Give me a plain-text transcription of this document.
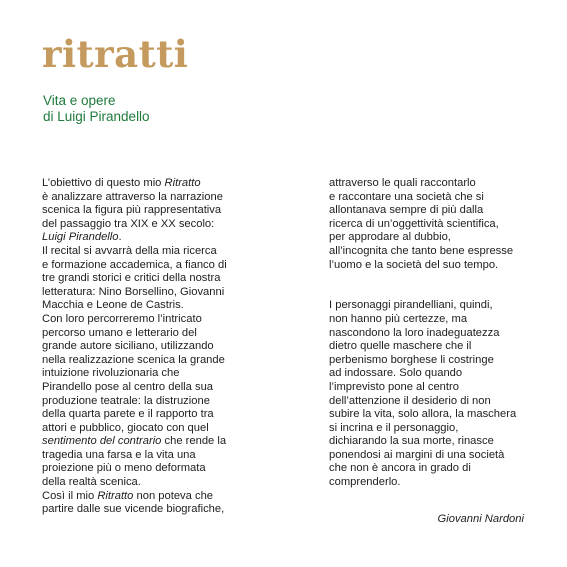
ritratti
Vita e opere
di Luigi Pirandello
L’obiettivo di questo mio Ritratto
è analizzare attraverso la narrazione
scenica la figura più rappresentativa
del passaggio tra XIX e XX secolo:
Luigi Pirandello.
Il recital si avvarrà della mia ricerca
e formazione accademica, a fianco di
tre grandi storici e critici della nostra
letteratura: Nino Borsellino, Giovanni
Macchia e Leone de Castris.
Con loro percorreremo l’intricato
percorso umano e letterario del
grande autore siciliano, utilizzando
nella realizzazione scenica la grande
intuizione rivoluzionaria che
Pirandello pose al centro della sua
produzione teatrale: la distruzione
della quarta parete e il rapporto tra
attori e pubblico, giocato con quel
sentimento del contrario che rende la
tragedia una farsa e la vita una
proiezione più o meno deformata
della realtà scenica.
Così il mio Ritratto non poteva che
partire dalle sue vicende biografiche,
attraverso le quali raccontarlo
e raccontare una società che si
allontanava sempre di più dalla
ricerca di un’oggettività scientifica,
per approdare al dubbio,
all’incognita che tanto bene espresse
l’uomo e la società del suo tempo.
I personaggi pirandelliani, quindi,
non hanno più certezze, ma
nascondono la loro inadeguatezza
dietro quelle maschere che il
perbenismo borghese li costringe
ad indossare. Solo quando
l’imprevisto pone al centro
dell’attenzione il desiderio di non
subire la vita, solo allora, la maschera
si incrina e il personaggio,
dichiarando la sua morte, rinasce
ponendosi ai margini di una società
che non è ancora in grado di
comprenderlo.
Giovanni Nardoni
